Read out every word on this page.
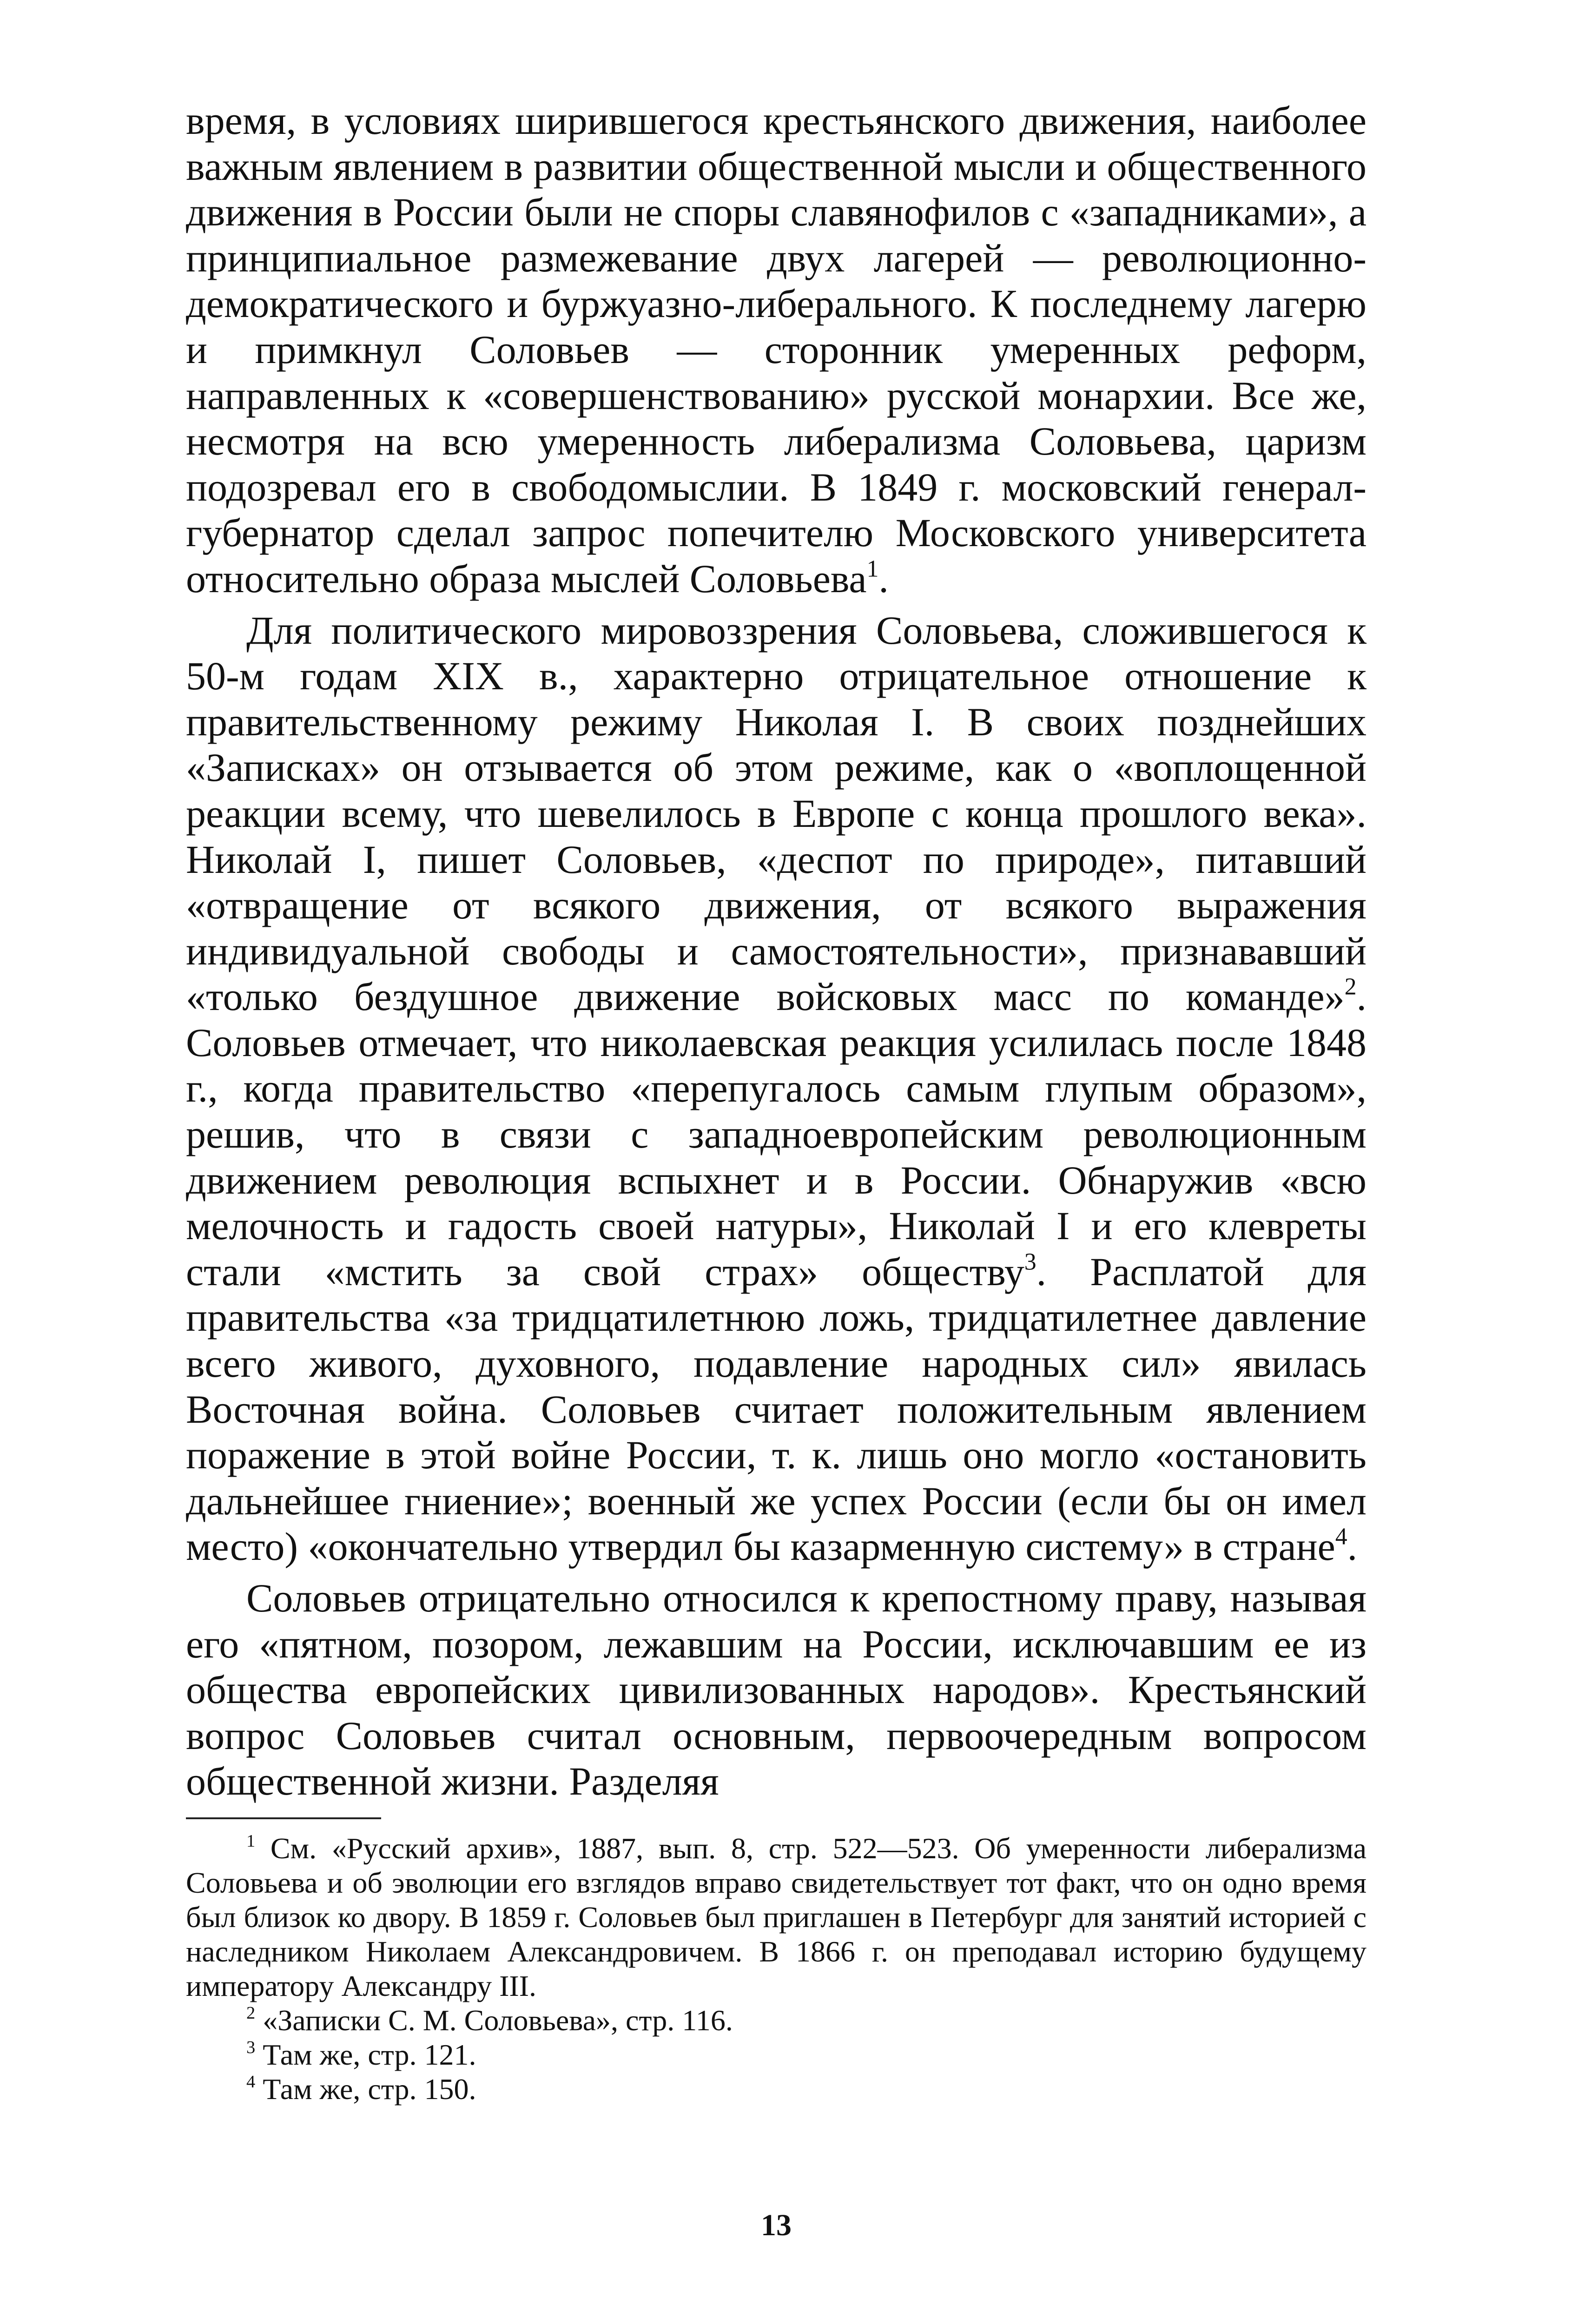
время, в условиях ширившегося крестьянского движения, наиболее важным явлением в развитии общественной мысли и общественного движения в России были не споры славянофилов с «западниками», а принципиальное размежевание двух лагерей — революционно-демократического и буржуазно-либерального. К последнему лагерю и примкнул Соловьев — сторонник умеренных реформ, направленных к «совершенствованию» русской монархии. Все же, несмотря на всю умеренность либерализма Соловьева, царизм подозревал его в свободомыслии. В 1849 г. московский генерал-губернатор сделал запрос попечителю Московского университета относительно образа мыслей Соловьева$^1$.

Для политического мировоззрения Соловьева, сложившегося к 50-м годам XIX в., характерно отрицательное отношение к правительственному режиму Николая I. В своих позднейших «Записках» он отзывается об этом режиме, как о «воплощенной реакции всему, что шевелилось в Европе с конца прошлого века». Николай I, пишет Соловьев, «деспот по природе», питавший «отвращение от всякого движения, от всякого выражения индивидуальной свободы и самостоятельности», признававший «только бездушное движение войсковых масс по команде»$^2$. Соловьев отмечает, что николаевская реакция усилилась после 1848 г., когда правительство «перепугалось самым глупым образом», решив, что в связи с западноевропейским революционным движением революция вспыхнет и в России. Обнаружив «всю мелочность и гадость своей натуры», Николай I и его клевреты стали «мстить за свой страх» обществу$^3$. Расплатой для правительства «за тридцатилетнюю ложь, тридцатилетнее давление всего живого, духовного, подавление народных сил» явилась Восточная война. Соловьев считает положительным явлением поражение в этой войне России, т. к. лишь оно могло «остановить дальнейшее гниение»; военный же успех России (если бы он имел место) «окончательно утвердил бы казарменную систему» в стране$^4$.

Соловьев отрицательно относился к крепостному праву, называя его «пятном, позором, лежавшим на России, исключавшим ее из общества европейских цивилизованных народов». Крестьянский вопрос Соловьев считал основным, первоочередным вопросом общественной жизни. Разделяя

$^1$ См. «Русский архив», 1887, вып. 8, стр. 522—523. Об умеренности либерализма Соловьева и об эволюции его взглядов вправо свидетельствует тот факт, что он одно время был близок ко двору. В 1859 г. Соловьев был приглашен в Петербург для занятий историей с наследником Николаем Александровичем. В 1866 г. он преподавал историю будущему императору Александру III.

$^2$ «Записки С. М. Соловьева», стр. 116.

$^3$ Там же, стр. 121.

$^4$ Там же, стр. 150.

13
